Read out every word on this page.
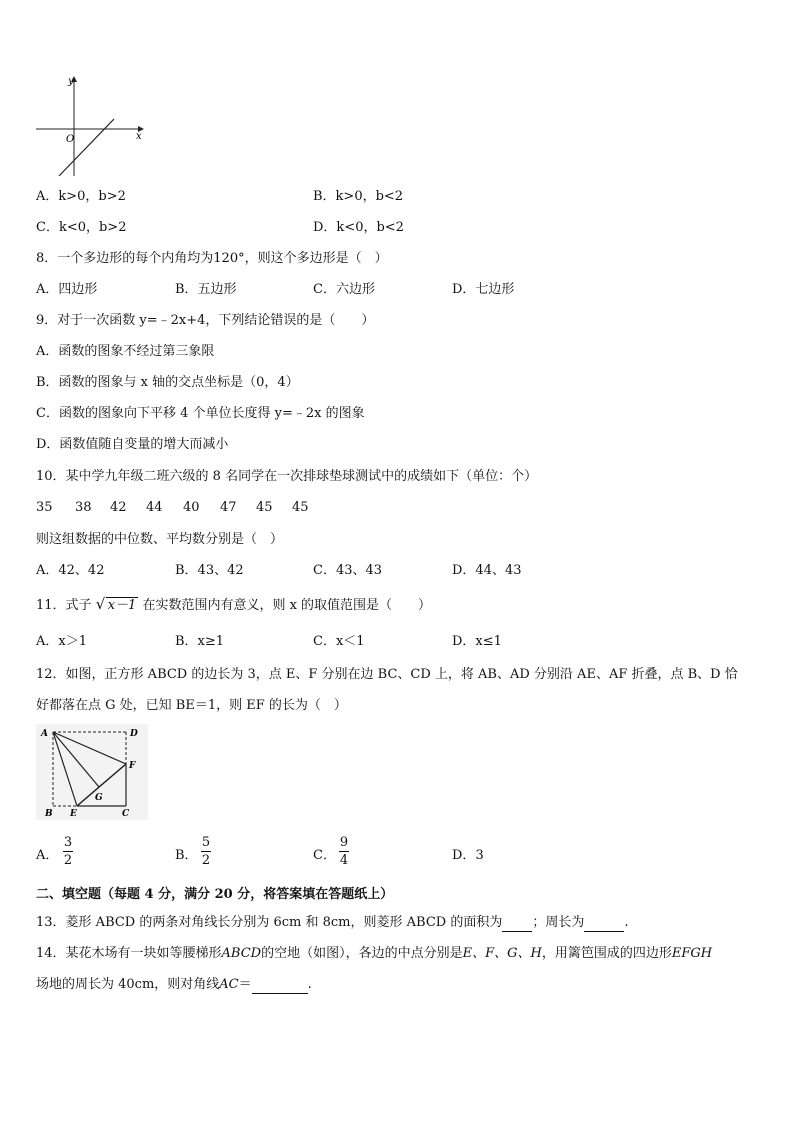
y
x
O
A．k>0，b>2	B．k>0，b<2
C．k<0，b>2	D．k<0，b<2
8．一个多边形的每个内角均为120°，则这个多边形是（　）
A．四边形	B．五边形	C．六边形	D．七边形
9．对于一次函数 y=﹣2x+4，下列结论错误的是（　　）
A．函数的图象不经过第三象限
B．函数的图象与 x 轴的交点坐标是（0，4）
C．函数的图象向下平移 4 个单位长度得 y=﹣2x 的图象
D．函数值随自变量的增大而减小
10．某中学九年级二班六级的 8 名同学在一次排球垫球测试中的成绩如下（单位：个）
35 38 42 44 40 47 45 45
则这组数据的中位数、平均数分别是（　）
A．42、42	B．43、42	C．43、43	D．44、43
11．式子 √ x－1 在实数范围内有意义，则 x 的取值范围是（　　）
A．x＞1	B．x≥1	C．x＜1	D．x≤1
12．如图，正方形 ABCD 的边长为 3，点 E、F 分别在边 BC、CD 上，将 AB、AD 分别沿 AE、AF 折叠，点 B、D 恰
好都落在点 G 处，已知 BE＝1，则 EF 的长为（　）
A	D
F
G
B E	C
A．
3
2	B．
5
2	C．
9
4	D．3
二、填空题（每题 4 分，满分 20 分，将答案填在答题纸上）
13．菱形 ABCD 的两条对角线长分别为 6cm 和 8cm，则菱形 ABCD 的面积为 ；周长为	.
14．某花木场有一块如等腰梯形ABCD的空地（如图），各边的中点分别是E、F、G、H，用篱笆围成的四边形EFGH
场地的周长为 40cm，则对角线AC＝	.
